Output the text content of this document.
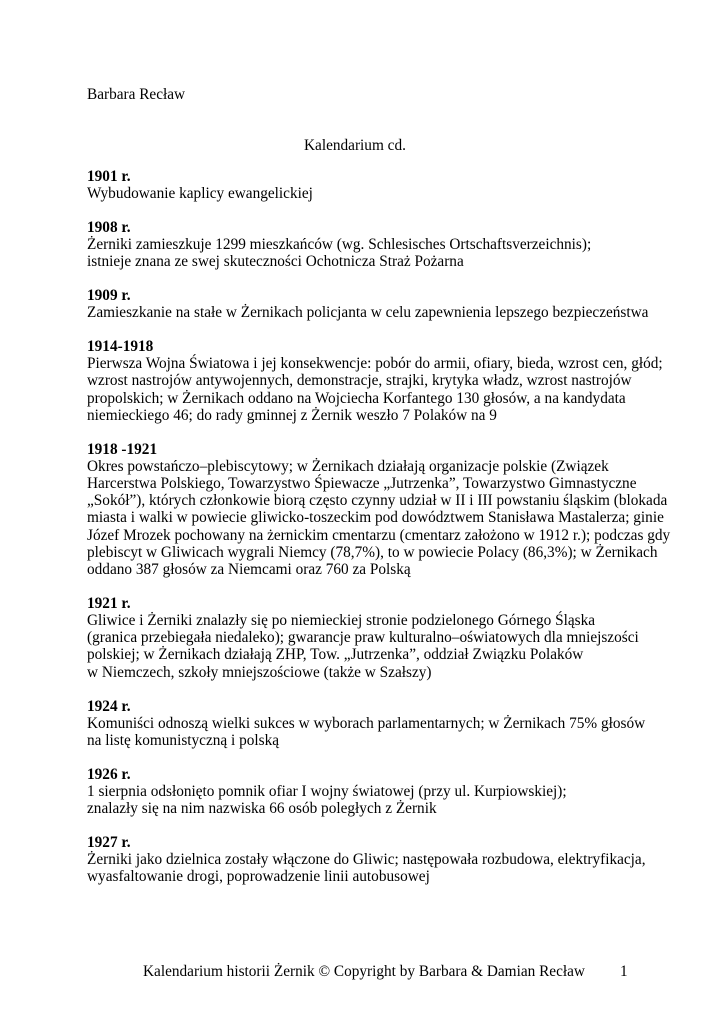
Barbara Recław
Kalendarium cd.
1901 r.
Wybudowanie kaplicy ewangelickiej
1908 r.
Żerniki zamieszkuje 1299 mieszkańców (wg. Schlesisches Ortschaftsverzeichnis);
istnieje znana ze swej skuteczności Ochotnicza Straż Pożarna
1909 r.
Zamieszkanie na stałe w Żernikach policjanta w celu zapewnienia lepszego bezpieczeństwa
1914-1918
Pierwsza Wojna Światowa i jej konsekwencje: pobór do armii, ofiary, bieda, wzrost cen, głód;
wzrost nastrojów antywojennych, demonstracje, strajki, krytyka władz, wzrost nastrojów
propolskich; w Żernikach oddano na Wojciecha Korfantego 130 głosów, a na kandydata
niemieckiego 46; do rady gminnej z Żernik weszło 7 Polaków na 9
1918 -1921
Okres powstańczo–plebiscytowy; w Żernikach działają organizacje polskie (Związek
Harcerstwa Polskiego, Towarzystwo Śpiewacze „Jutrzenka”, Towarzystwo Gimnastyczne
„Sokół”), których członkowie biorą często czynny udział w II i III powstaniu śląskim (blokada
miasta i walki w powiecie gliwicko-toszeckim pod dowództwem Stanisława Mastalerza; ginie
Józef Mrozek pochowany na żernickim cmentarzu (cmentarz założono w 1912 r.); podczas gdy
plebiscyt w Gliwicach wygrali Niemcy (78,7%), to w powiecie Polacy (86,3%); w Żernikach
oddano 387 głosów za Niemcami oraz 760 za Polską
1921 r.
Gliwice i Żerniki znalazły się po niemieckiej stronie podzielonego Górnego Śląska
(granica przebiegała niedaleko); gwarancje praw kulturalno–oświatowych dla mniejszości
polskiej; w Żernikach działają ZHP, Tow. „Jutrzenka”, oddział Związku Polaków
w Niemczech, szkoły mniejszościowe (także w Szałszy)
1924 r.
Komuniści odnoszą wielki sukces w wyborach parlamentarnych; w Żernikach 75% głosów
na listę komunistyczną i polską
1926 r.
1 sierpnia odsłonięto pomnik ofiar I wojny światowej (przy ul. Kurpiowskiej);
znalazły się na nim nazwiska 66 osób poległych z Żernik
1927 r.
Żerniki jako dzielnica zostały włączone do Gliwic; następowała rozbudowa, elektryfikacja,
wyasfaltowanie drogi, poprowadzenie linii autobusowej
Kalendarium historii Żernik © Copyright by Barbara & Damian Recław 1
